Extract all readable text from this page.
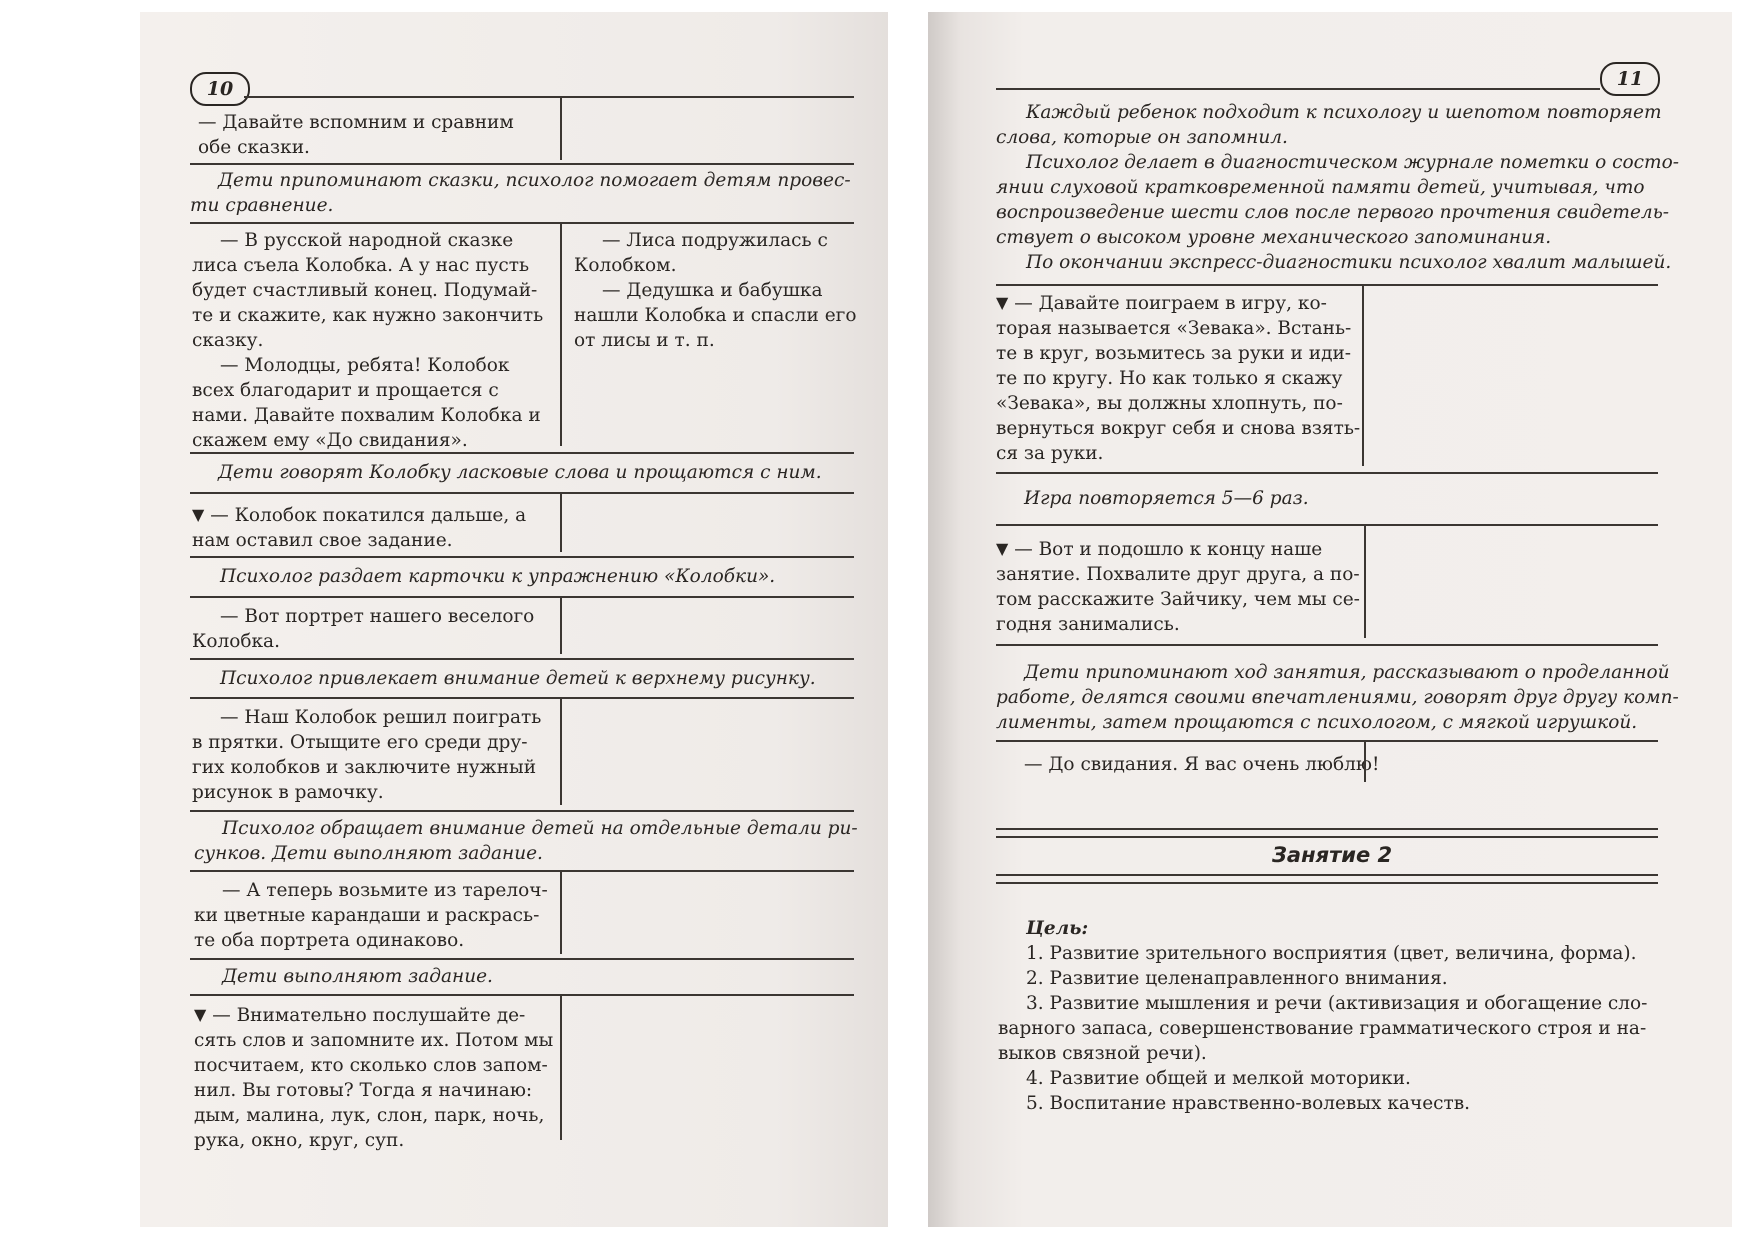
10
— Давайте вспомним и сравним
обе сказки.
Дети припоминают сказки, психолог помогает детям провес-
ти сравнение.
— В русской народной сказке
лиса съела Колобка. А у нас пусть
будет счастливый конец. Подумай-
те и скажите, как нужно закончить
сказку.
— Молодцы, ребята! Колобок
всех благодарит и прощается с
нами. Давайте похвалим Колобка и
скажем ему «До свидания».
— Лиса подружилась с
Колобком.
— Дедушка и бабушка
нашли Колобка и спасли его
от лисы и т. п.
Дети говорят Колобку ласковые слова и прощаются с ним.
▼ — Колобок покатился дальше, а
нам оставил свое задание.
Психолог раздает карточки к упражнению «Колобки».
— Вот портрет нашего веселого
Колобка.
Психолог привлекает внимание детей к верхнему рисунку.
— Наш Колобок решил поиграть
в прятки. Отыщите его среди дру-
гих колобков и заключите нужный
рисунок в рамочку.
Психолог обращает внимание детей на отдельные детали ри-
сунков. Дети выполняют задание.
— А теперь возьмите из тарелоч-
ки цветные карандаши и раскрась-
те оба портрета одинаково.
Дети выполняют задание.
▼ — Внимательно послушайте де-
сять слов и запомните их. Потом мы
посчитаем, кто сколько слов запом-
нил. Вы готовы? Тогда я начинаю:
дым, малина, лук, слон, парк, ночь,
рука, окно, круг, суп.
11
Каждый ребенок подходит к психологу и шепотом повторяет
слова, которые он запомнил.
Психолог делает в диагностическом журнале пометки о состо-
янии слуховой кратковременной памяти детей, учитывая, что
воспроизведение шести слов после первого прочтения свидетель-
ствует о высоком уровне механического запоминания.
По окончании экспресс-диагностики психолог хвалит малышей.
▼ — Давайте поиграем в игру, ко-
торая называется «Зевака». Встань-
те в круг, возьмитесь за руки и иди-
те по кругу. Но как только я скажу
«Зевака», вы должны хлопнуть, по-
вернуться вокруг себя и снова взять-
ся за руки.
Игра повторяется 5—6 раз.
▼ — Вот и подошло к концу наше
занятие. Похвалите друг друга, а по-
том расскажите Зайчику, чем мы се-
годня занимались.
Дети припоминают ход занятия, рассказывают о проделанной
работе, делятся своими впечатлениями, говорят друг другу комп-
лименты, затем прощаются с психологом, с мягкой игрушкой.
— До свидания. Я вас очень люблю!
Занятие 2
Цель:
1. Развитие зрительного восприятия (цвет, величина, форма).
2. Развитие целенаправленного внимания.
3. Развитие мышления и речи (активизация и обогащение сло-
варного запаса, совершенствование грамматического строя и на-
выков связной речи).
4. Развитие общей и мелкой моторики.
5. Воспитание нравственно-волевых качеств.
